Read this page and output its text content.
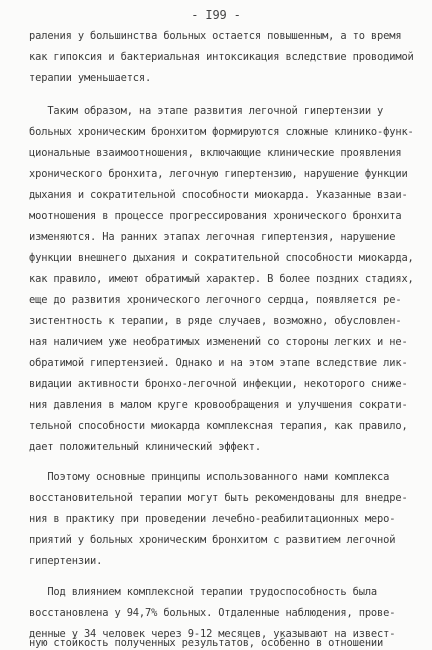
- I99 -
раления у большинства больных остается повышенным, а то время
как гипоксия и бактериальная интоксикация вследствие проводимой
терапии уменьшается.
Таким образом, на этапе развития легочной гипертензии у
больных хроническим бронхитом формируются сложные клинико-функ-
циональные взаимоотношения, включающие клинические проявления
хронического бронхита, легочную гипертензию, нарушение функции
дыхания и сократительной способности миокарда. Указанные взаи-
моотношения в процессе прогрессирования хронического бронхита
изменяются. На ранних этапах легочная гипертензия, нарушение
функции внешнего дыхания и сократительной способности миокарда,
как правило, имеют обратимый характер. В более поздних стадиях,
еще до развития хронического легочного сердца, появляется ре-
зистентность к терапии, в ряде случаев, возможно, обусловлен-
ная наличием уже необратимых изменений со стороны легких и не-
обратимой гипертензией. Однако и на этом этапе вследствие лик-
видации активности бронхо-легочной инфекции, некоторого сниже-
ния давления в малом круге кровообращения и улучшения сократи-
тельной способности миокарда комплексная терапия, как правило,
дает положительный клинический эффект.
Поэтому основные принципы использованного нами комплекса
восстановительной терапии могут быть рекомендованы для внедре-
ния в практику при проведении лечебно-реабилитационных меро-
приятий у больных хроническим бронхитом с развитием легочной
гипертензии.
Под влиянием комплексной терапии трудоспособность была
восстановлена у 94,7% больных. Отдаленные наблюдения, прове-
денные у 34 человек через 9-12 месяцев, указывают на извест-
ную стойкость полученных результатов, особенно в отношении
